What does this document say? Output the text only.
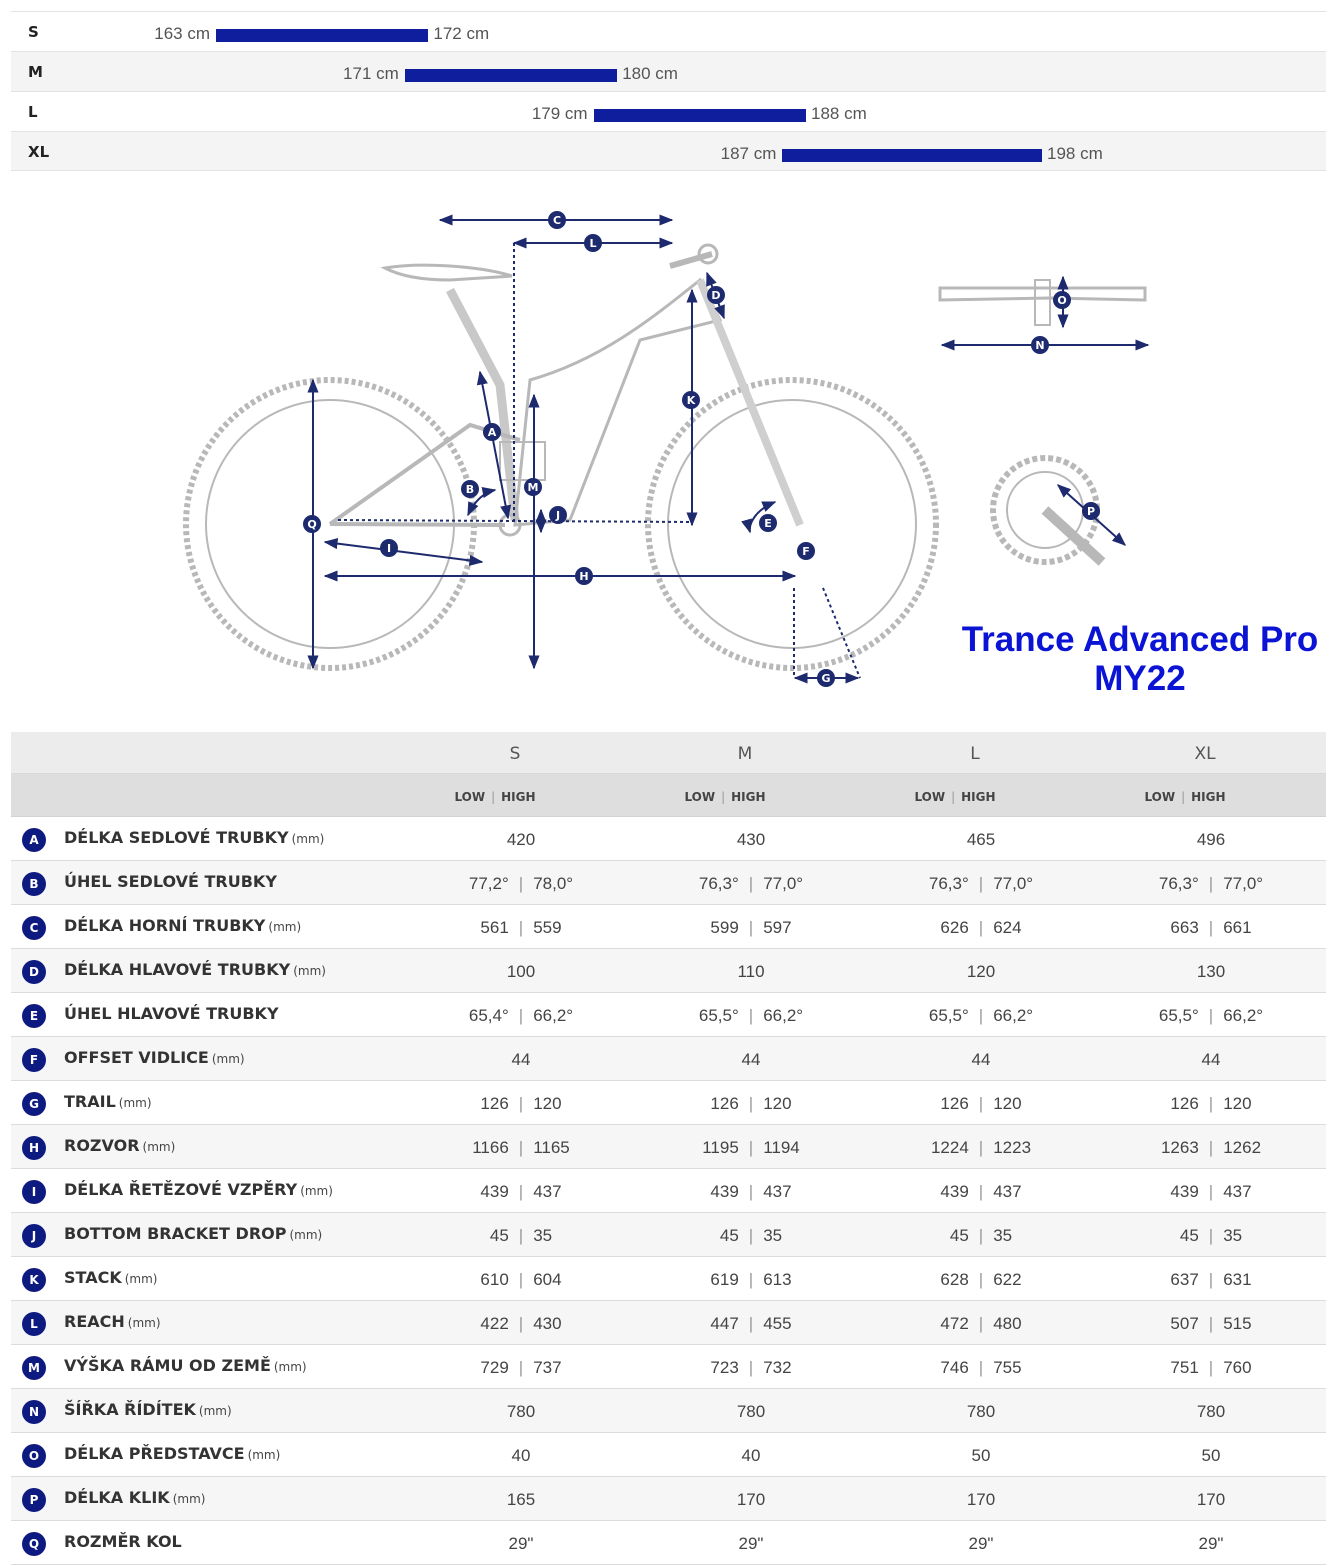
S	163 cm	172 cm
M	171 cm	180 cm
L	179 cm	188 cm
XL	187 cm	198 cm
A
B
C
D
E
F
G
H
I
J
K
L
M
N
O
P
Q
Trance Advanced Pro
MY22
S	M	L	XL
LOW | HIGH	LOW | HIGH	LOW | HIGH	LOW | HIGH
A	DÉLKA SEDLOVÉ TRUBKY (mm)	420	430	465	496
B	ÚHEL SEDLOVÉ TRUBKY	77,2° | 78,0°	76,3° | 77,0°	76,3° | 77,0°	76,3° | 77,0°
C	DÉLKA HORNÍ TRUBKY (mm)	561 | 559	599 | 597	626 | 624	663 | 661
D	DÉLKA HLAVOVÉ TRUBKY (mm)	100	110	120	130
E	ÚHEL HLAVOVÉ TRUBKY	65,4° | 66,2°	65,5° | 66,2°	65,5° | 66,2°	65,5° | 66,2°
F	OFFSET VIDLICE (mm)	44	44	44	44
G	TRAIL (mm)	126 | 120	126 | 120	126 | 120	126 | 120
H	ROZVOR (mm)	1166 | 1165	1195 | 1194	1224 | 1223	1263 | 1262
I	DÉLKA ŘETĚZOVÉ VZPĚRY (mm)	439 | 437	439 | 437	439 | 437	439 | 437
J	BOTTOM BRACKET DROP (mm)	45 | 35	45 | 35	45 | 35	45 | 35
K	STACK (mm)	610 | 604	619 | 613	628 | 622	637 | 631
L	REACH (mm)	422 | 430	447 | 455	472 | 480	507 | 515
M	VÝŠKA RÁMU OD ZEMĚ (mm)	729 | 737	723 | 732	746 | 755	751 | 760
N	ŠÍŘKA ŘÍDÍTEK (mm)	780	780	780	780
O	DÉLKA PŘEDSTAVCE (mm)	40	40	50	50
P	DÉLKA KLIK (mm)	165	170	170	170
Q	ROZMĚR KOL	29"	29"	29"	29"
